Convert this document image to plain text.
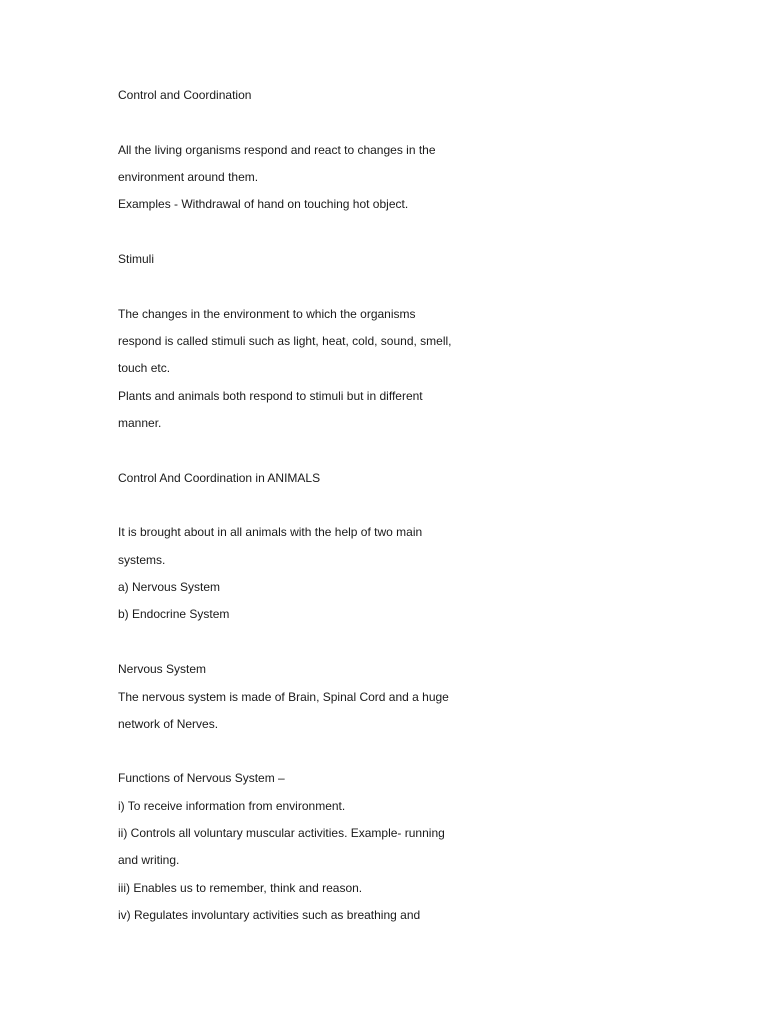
Control and Coordination

All the living organisms respond and react to changes in the

environment around them.

Examples - Withdrawal of hand on touching hot object.

Stimuli

The changes in the environment to which the organisms

respond is called stimuli such as light, heat, cold, sound, smell,

touch etc.

Plants and animals both respond to stimuli but in different

manner.

Control And Coordination in ANIMALS

It is brought about in all animals with the help of two main

systems.

a) Nervous System

b) Endocrine System

Nervous System

The nervous system is made of Brain, Spinal Cord and a huge

network of Nerves.

Functions of Nervous System –

i) To receive information from environment.

ii) Controls all voluntary muscular activities. Example- running

and writing.

iii) Enables us to remember, think and reason.

iv) Regulates involuntary activities such as breathing and
